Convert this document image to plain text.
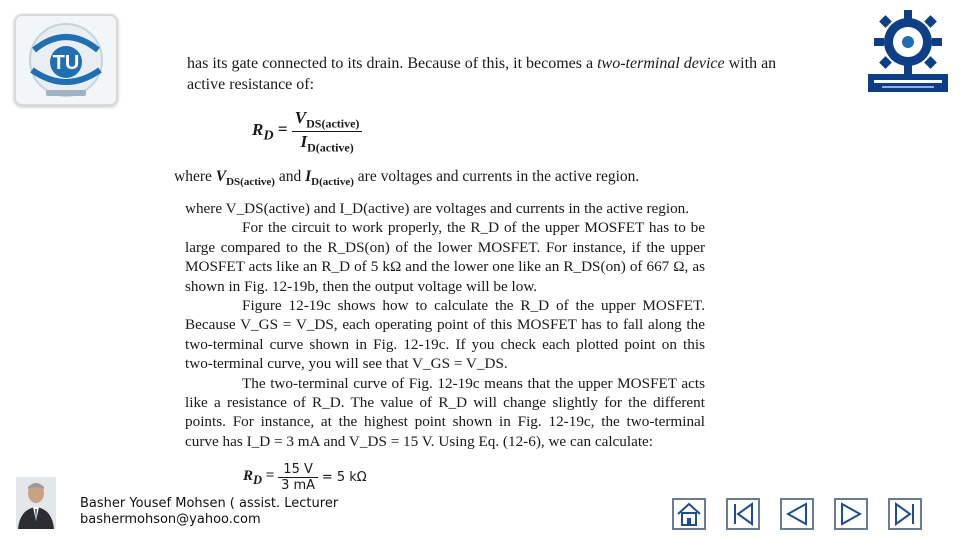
TU	has its gate connected to its drain. Because of this, it becomes a two-terminal device with an active resistance of:

$R_D = \frac{V_{DS(active)}}{I_{D(active)}}$

where $V_{DS(active)}$ and $I_{D(active)}$ are voltages and currents in the active region.

where V_DS(active) and I_D(active) are voltages and currents in the active region.

For the circuit to work properly, the R_D of the upper MOSFET has to be large compared to the R_DS(on) of the lower MOSFET. For instance, if the upper MOSFET acts like an R_D of 5 kΩ and the lower one like an R_DS(on) of 667 Ω, as shown in Fig. 12-19b, then the output voltage will be low.

Figure 12-19c shows how to calculate the R_D of the upper MOSFET. Because V_GS = V_DS, each operating point of this MOSFET has to fall along the two-terminal curve shown in Fig. 12-19c. If you check each plotted point on this two-terminal curve, you will see that V_GS = V_DS.

The two-terminal curve of Fig. 12-19c means that the upper MOSFET acts like a resistance of R_D. The value of R_D will change slightly for the different points. For instance, at the highest point shown in Fig. 12-19c, the two-terminal curve has I_D = 3 mA and V_DS = 15 V. Using Eq. (12-6), we can calculate:

$R_D = \frac{15 V}{3 mA} = 5$ kΩ
Basher Yousef Mohsen ( assist. Lecturer
bashermohson@yahoo.com
